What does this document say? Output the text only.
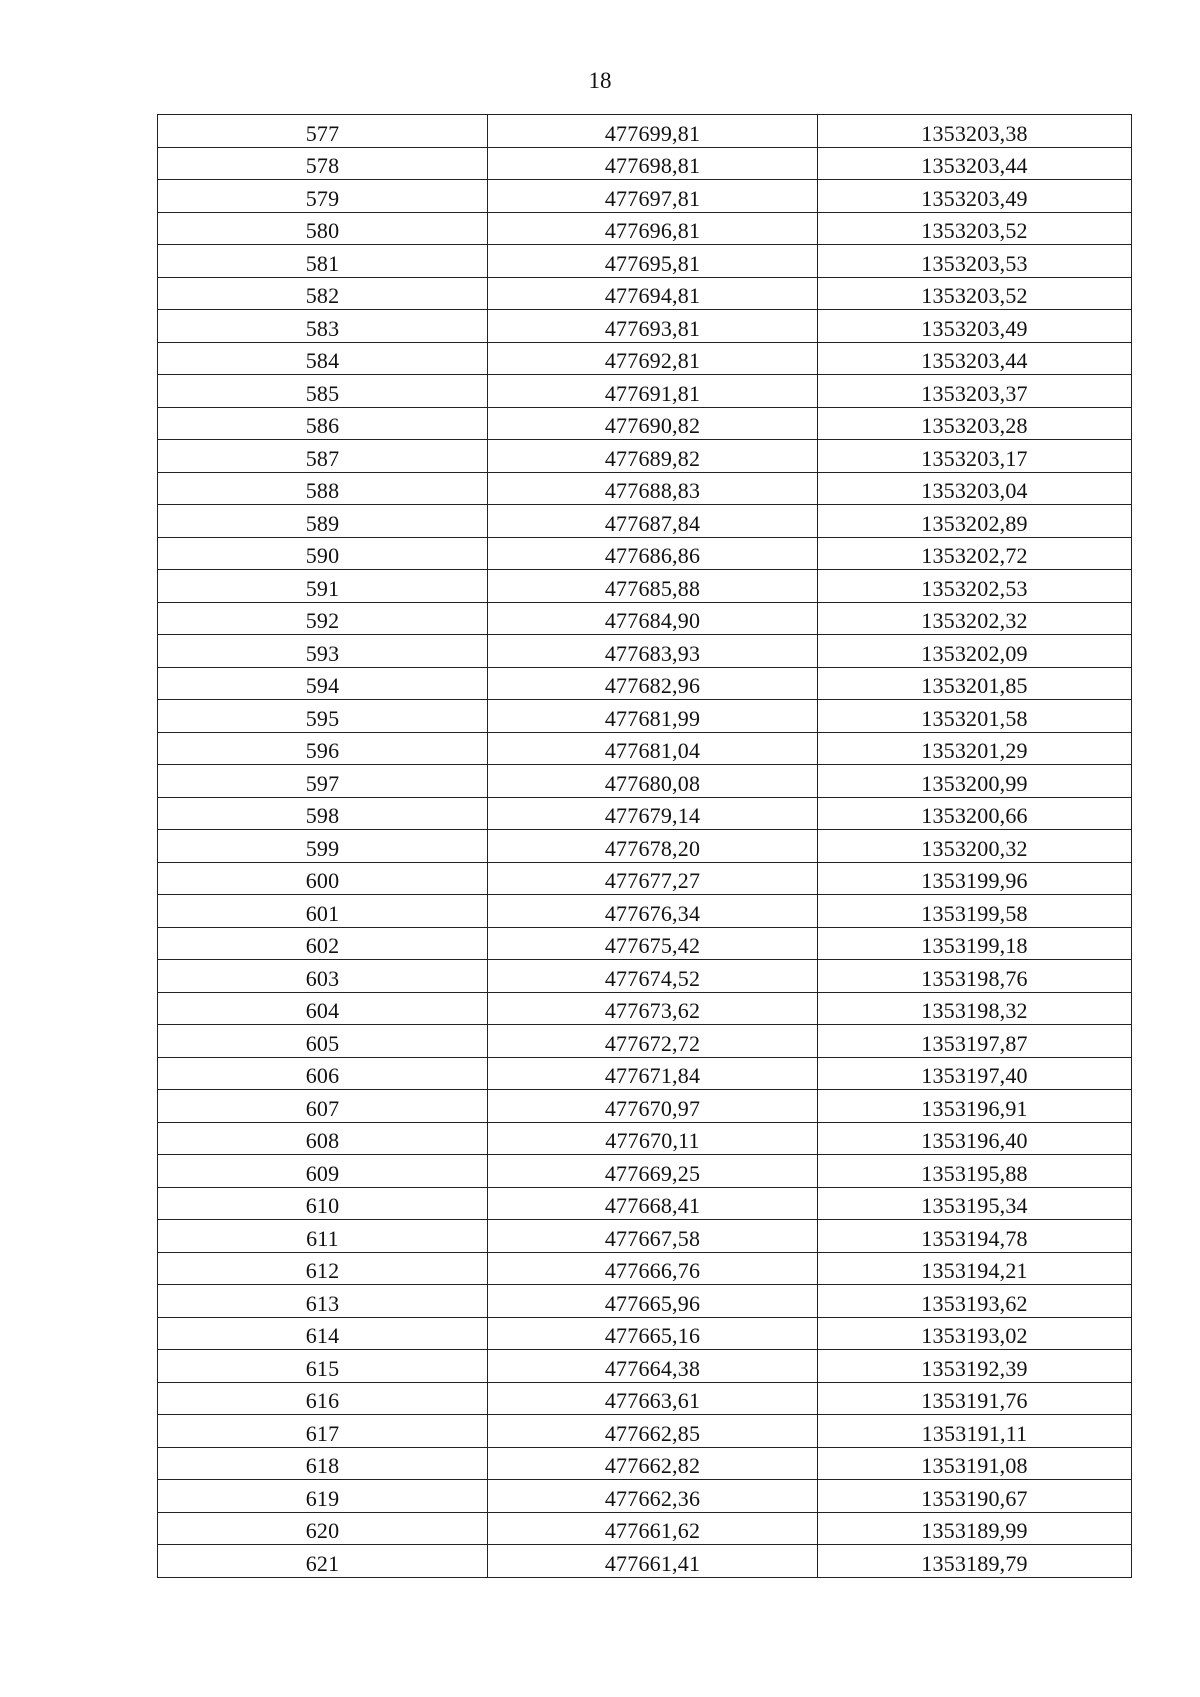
18
577	477699,81	1353203,38
578	477698,81	1353203,44
579	477697,81	1353203,49
580	477696,81	1353203,52
581	477695,81	1353203,53
582	477694,81	1353203,52
583	477693,81	1353203,49
584	477692,81	1353203,44
585	477691,81	1353203,37
586	477690,82	1353203,28
587	477689,82	1353203,17
588	477688,83	1353203,04
589	477687,84	1353202,89
590	477686,86	1353202,72
591	477685,88	1353202,53
592	477684,90	1353202,32
593	477683,93	1353202,09
594	477682,96	1353201,85
595	477681,99	1353201,58
596	477681,04	1353201,29
597	477680,08	1353200,99
598	477679,14	1353200,66
599	477678,20	1353200,32
600	477677,27	1353199,96
601	477676,34	1353199,58
602	477675,42	1353199,18
603	477674,52	1353198,76
604	477673,62	1353198,32
605	477672,72	1353197,87
606	477671,84	1353197,40
607	477670,97	1353196,91
608	477670,11	1353196,40
609	477669,25	1353195,88
610	477668,41	1353195,34
611	477667,58	1353194,78
612	477666,76	1353194,21
613	477665,96	1353193,62
614	477665,16	1353193,02
615	477664,38	1353192,39
616	477663,61	1353191,76
617	477662,85	1353191,11
618	477662,82	1353191,08
619	477662,36	1353190,67
620	477661,62	1353189,99
621	477661,41	1353189,79
